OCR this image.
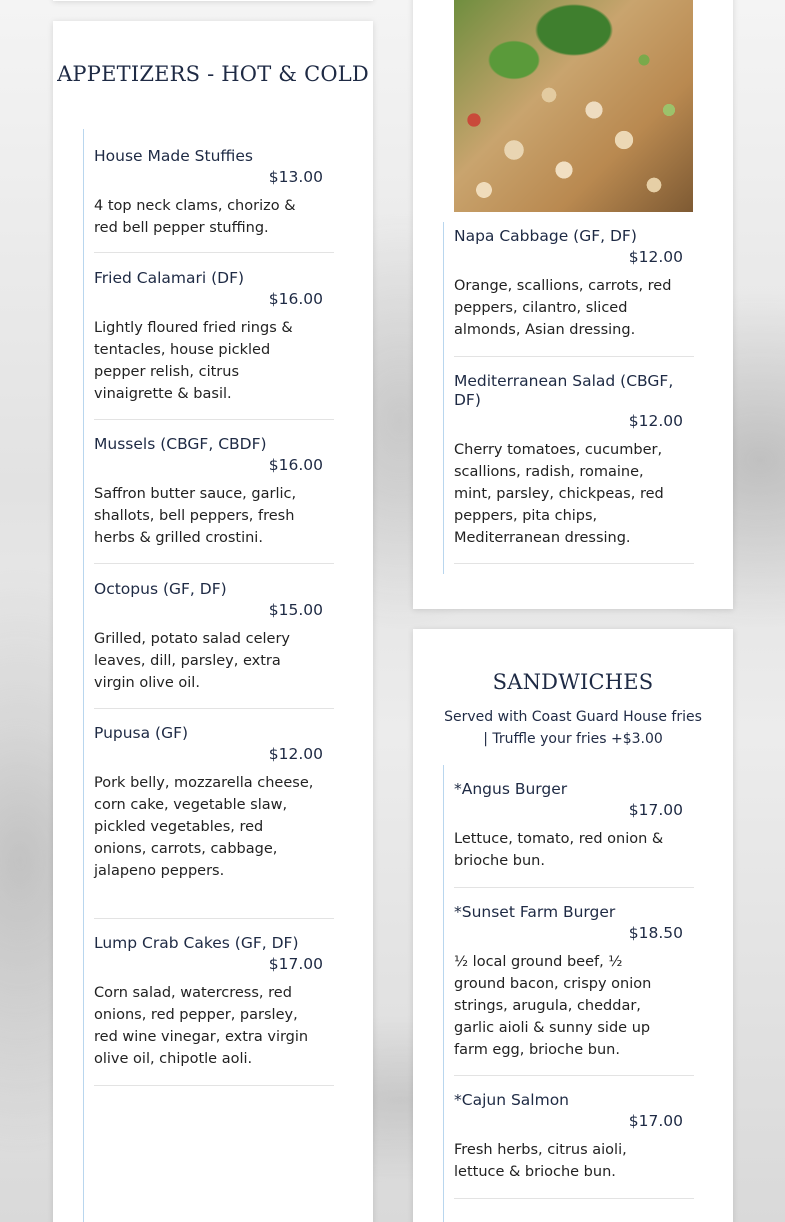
APPETIZERS - HOT & COLD
House Made Stuffies
$13.00
4 top neck clams, chorizo & red bell pepper stuffing.
Fried Calamari (DF)
$16.00
Lightly floured fried rings & tentacles, house pickled pepper relish, citrus vinaigrette & basil.
Mussels (CBGF, CBDF)
$16.00
Saffron butter sauce, garlic, shallots, bell peppers, fresh herbs & grilled crostini.
Octopus (GF, DF)
$15.00
Grilled, potato salad celery leaves, dill, parsley, extra virgin olive oil.
Pupusa (GF)
$12.00
Pork belly, mozzarella cheese, corn cake, vegetable slaw, pickled vegetables, red onions, carrots, cabbage, jalapeno peppers.
Lump Crab Cakes (GF, DF)
$17.00
Corn salad, watercress, red onions, red pepper, parsley, red wine vinegar, extra virgin olive oil, chipotle aoli.
Napa Cabbage (GF, DF)
$12.00
Orange, scallions, carrots, red peppers, cilantro, sliced almonds, Asian dressing.
Mediterranean Salad (CBGF, DF)
$12.00
Cherry tomatoes, cucumber, scallions, radish, romaine, mint, parsley, chickpeas, red peppers, pita chips, Mediterranean dressing.
SANDWICHES
Served with Coast Guard House fries | Truffle your fries +$3.00
*Angus Burger
$17.00
Lettuce, tomato, red onion & brioche bun.
*Sunset Farm Burger
$18.50
½ local ground beef, ½ ground bacon, crispy onion strings, arugula, cheddar, garlic aioli & sunny side up farm egg, brioche bun.
*Cajun Salmon
$17.00
Fresh herbs, citrus aioli, lettuce & brioche bun.
